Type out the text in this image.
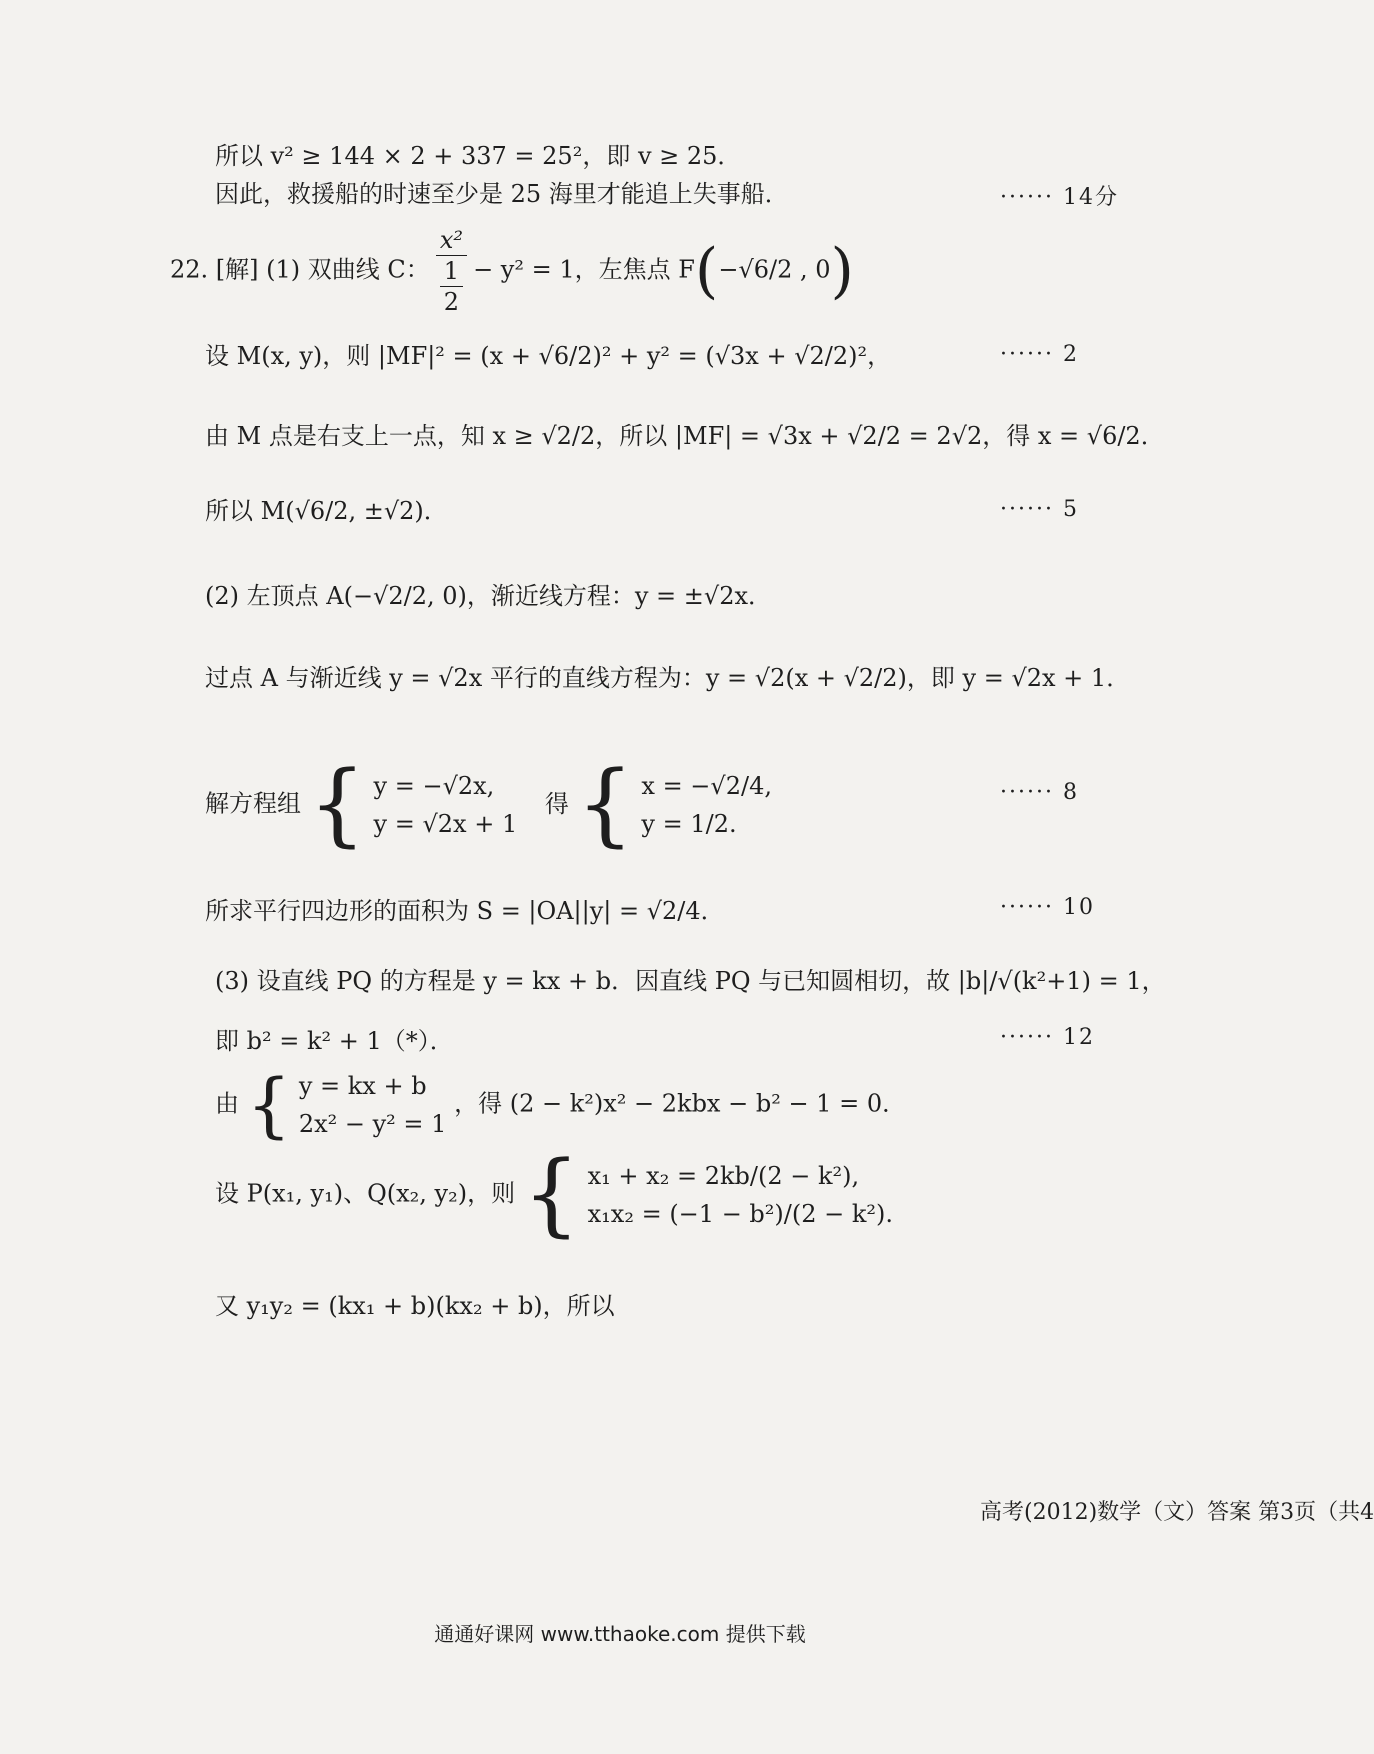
所以 v² ≥ 144 × 2 + 337 = 25²，即 v ≥ 25．
因此，救援船的时速至少是 25 海里才能追上失事船．	······ 14分
22. [解] (1) 双曲线 C： $\frac{\text{x²}}{\frac{1}{2}} - y^2 = 1$，左焦点 F(−√6/2 , 0)
设 M(x, y)，则 |MF|² = (x + √6/2)² + y² = (√3x + √2/2)²，	······ 2
由 M 点是右支上一点，知 x ≥ √2/2，所以 |MF| = √3x + √2/2 = 2√2，得 x = √6/2．
所以 M(√6/2, ±√2)．	······ 5
(2) 左顶点 A(−√2/2, 0)，渐近线方程：y = ±√2x．
过点 A 与渐近线 y = √2x 平行的直线方程为：y = √2(x + √2/2)，即 y = √2x + 1．
解方程组 { y = −√2x,
y = √2x + 1
得 { x = −√2/4,
y = 1/2.
······ 8
所求平行四边形的面积为 S = |OA||y| = √2/4．	······ 10
(3) 设直线 PQ 的方程是 y = kx + b．因直线 PQ 与已知圆相切，故 |b|/√(k²+1) = 1，
即 b² = k² + 1（*）．	······ 12
由 { y = kx + b
2x² − y² = 1
，得 (2 − k²)x² − 2kbx − b² − 1 = 0．
设 P(x₁, y₁)、Q(x₂, y₂)，则 { x₁ + x₂ = 2kb/(2 − k²),
x₁x₂ = (−1 − b²)/(2 − k²).
又 y₁y₂ = (kx₁ + b)(kx₂ + b)，所以
高考(2012)数学（文）答案 第3页（共4
通通好课网 www.tthaoke.com 提供下载
